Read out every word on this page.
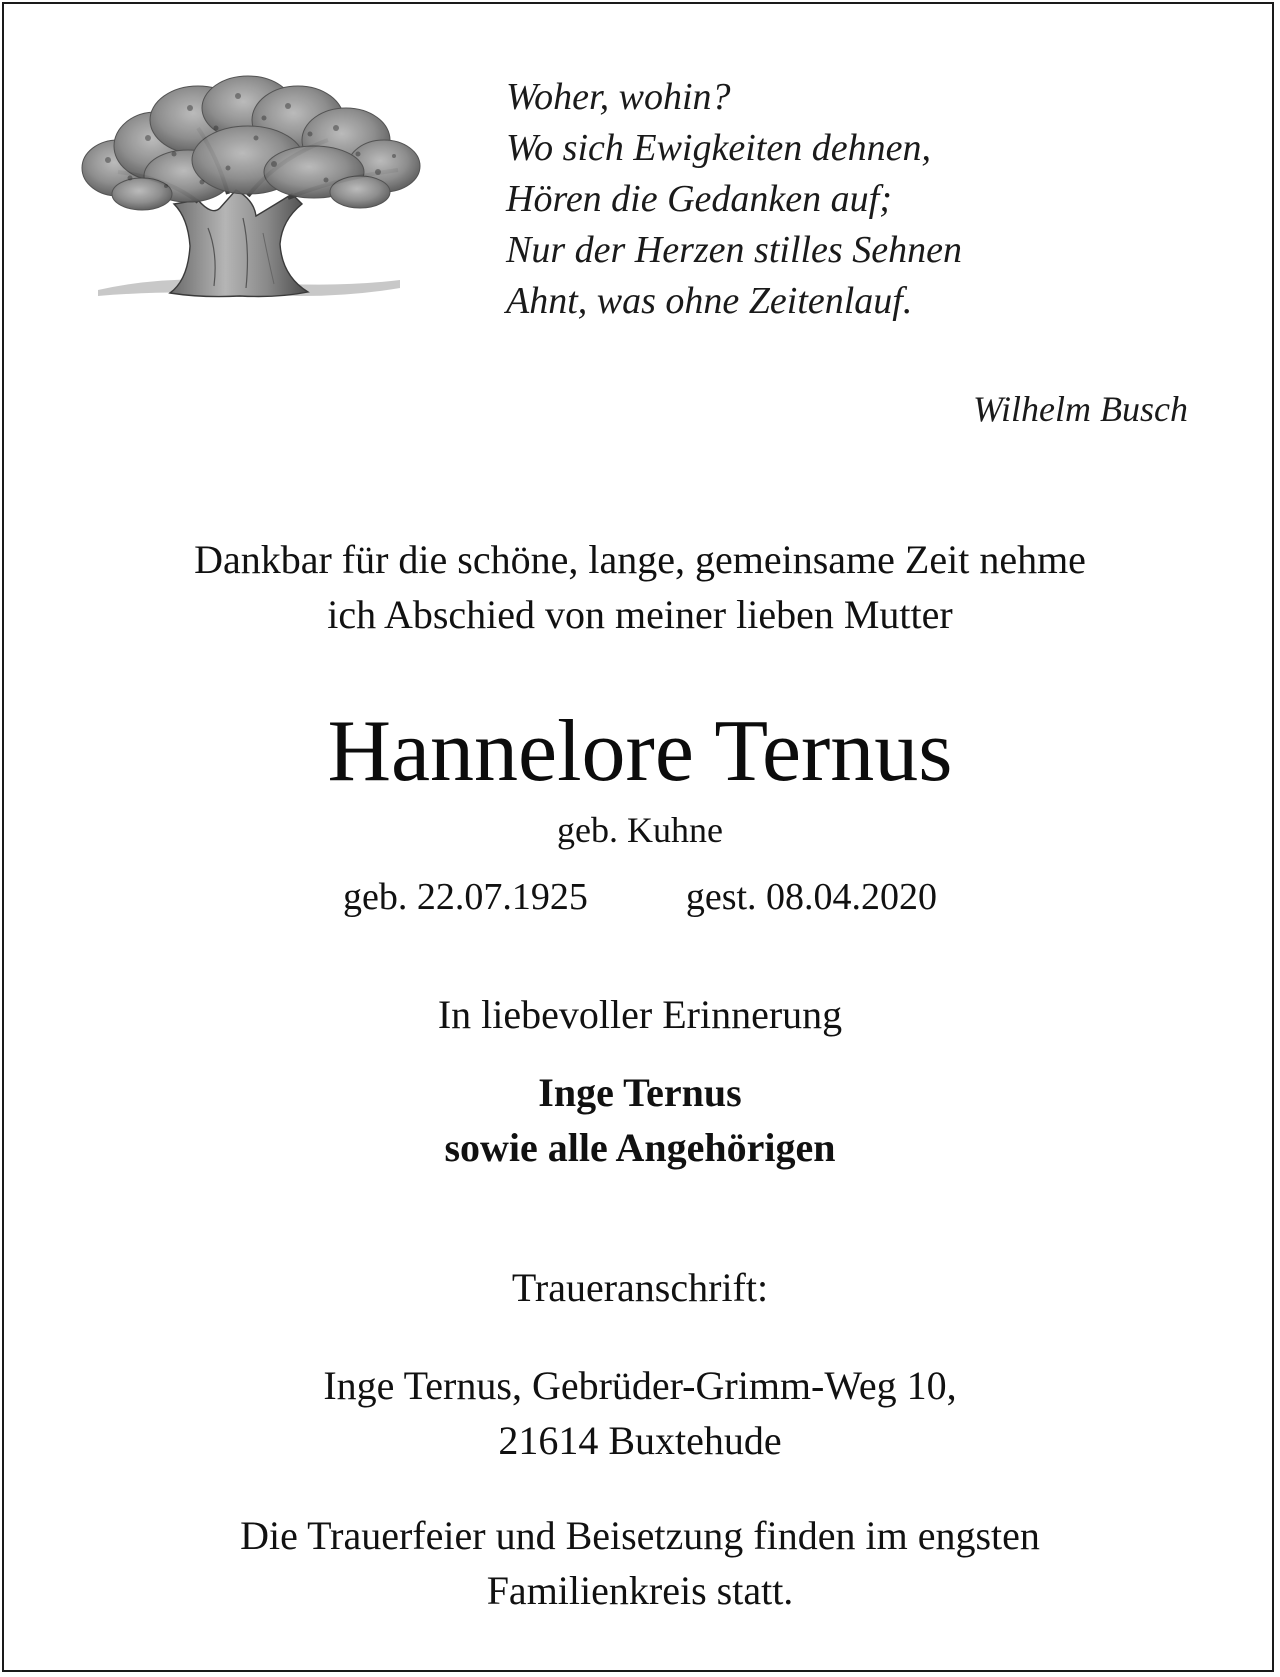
Woher, wohin?
Wo sich Ewigkeiten dehnen,
Hören die Gedanken auf;
Nur der Herzen stilles Sehnen
Ahnt, was ohne Zeitenlauf.
Wilhelm Busch
Dankbar für die schöne, lange, gemeinsame Zeit nehme
ich Abschied von meiner lieben Mutter
Hannelore Ternus
geb. Kuhne
geb. 22.07.1925	gest. 08.04.2020
In liebevoller Erinnerung
Inge Ternus
sowie alle Angehörigen
Traueranschrift:
Inge Ternus, Gebrüder-Grimm-Weg 10,
21614 Buxtehude
Die Trauerfeier und Beisetzung finden im engsten
Familienkreis statt.
